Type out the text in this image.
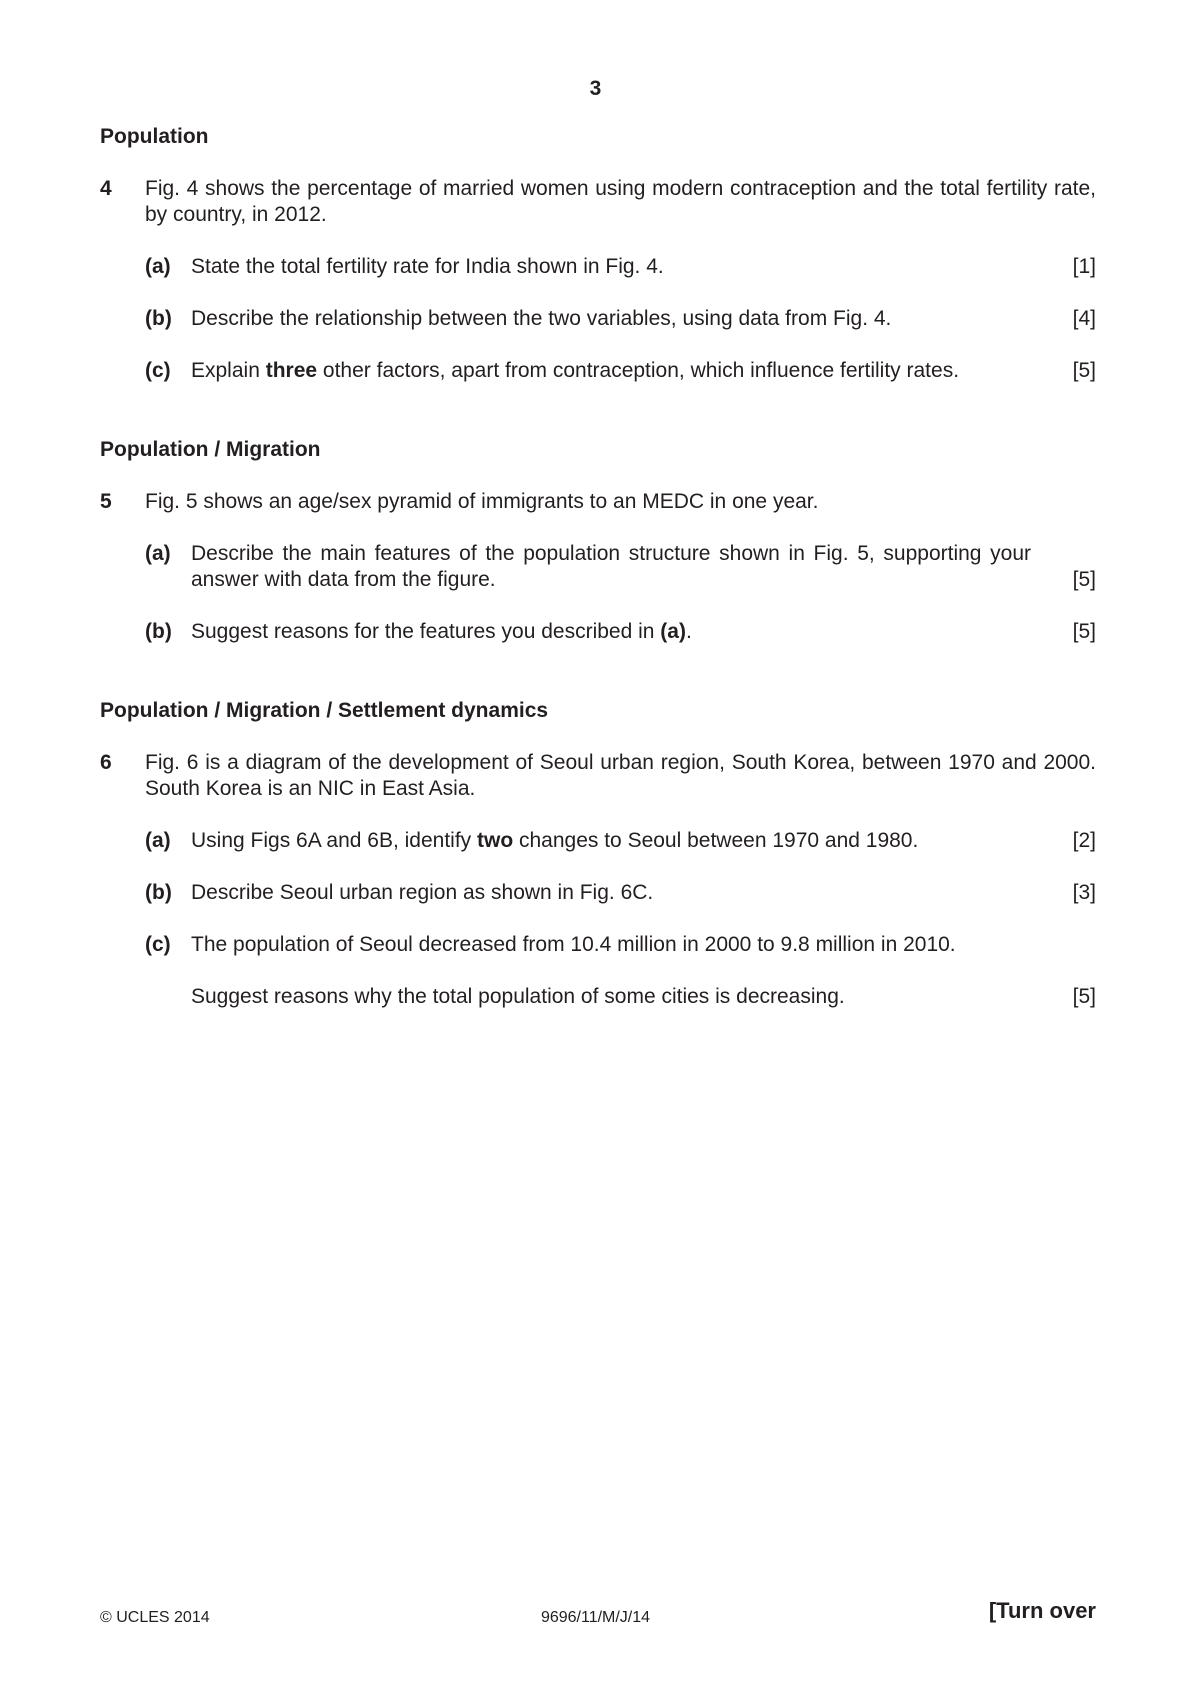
3
Population
4	Fig. 4 shows the percentage of married women using modern contraception and the total fertility rate, by country, in 2012.
(a) State the total fertility rate for India shown in Fig. 4.	[1]
(b) Describe the relationship between the two variables, using data from Fig. 4.	[4]
(c) Explain three other factors, apart from contraception, which influence fertility rates.	[5]
Population / Migration
5	Fig. 5 shows an age/sex pyramid of immigrants to an MEDC in one year.
(a) Describe the main features of the population structure shown in Fig. 5, supporting your answer with data from the figure.	[5]
(b) Suggest reasons for the features you described in (a).	[5]
Population / Migration / Settlement dynamics
6	Fig. 6 is a diagram of the development of Seoul urban region, South Korea, between 1970 and 2000. South Korea is an NIC in East Asia.
(a) Using Figs 6A and 6B, identify two changes to Seoul between 1970 and 1980.	[2]
(b) Describe Seoul urban region as shown in Fig. 6C.	[3]
(c) The population of Seoul decreased from 10.4 million in 2000 to 9.8 million in 2010.
Suggest reasons why the total population of some cities is decreasing.	[5]
© UCLES 2014	9696/11/M/J/14	[Turn over
